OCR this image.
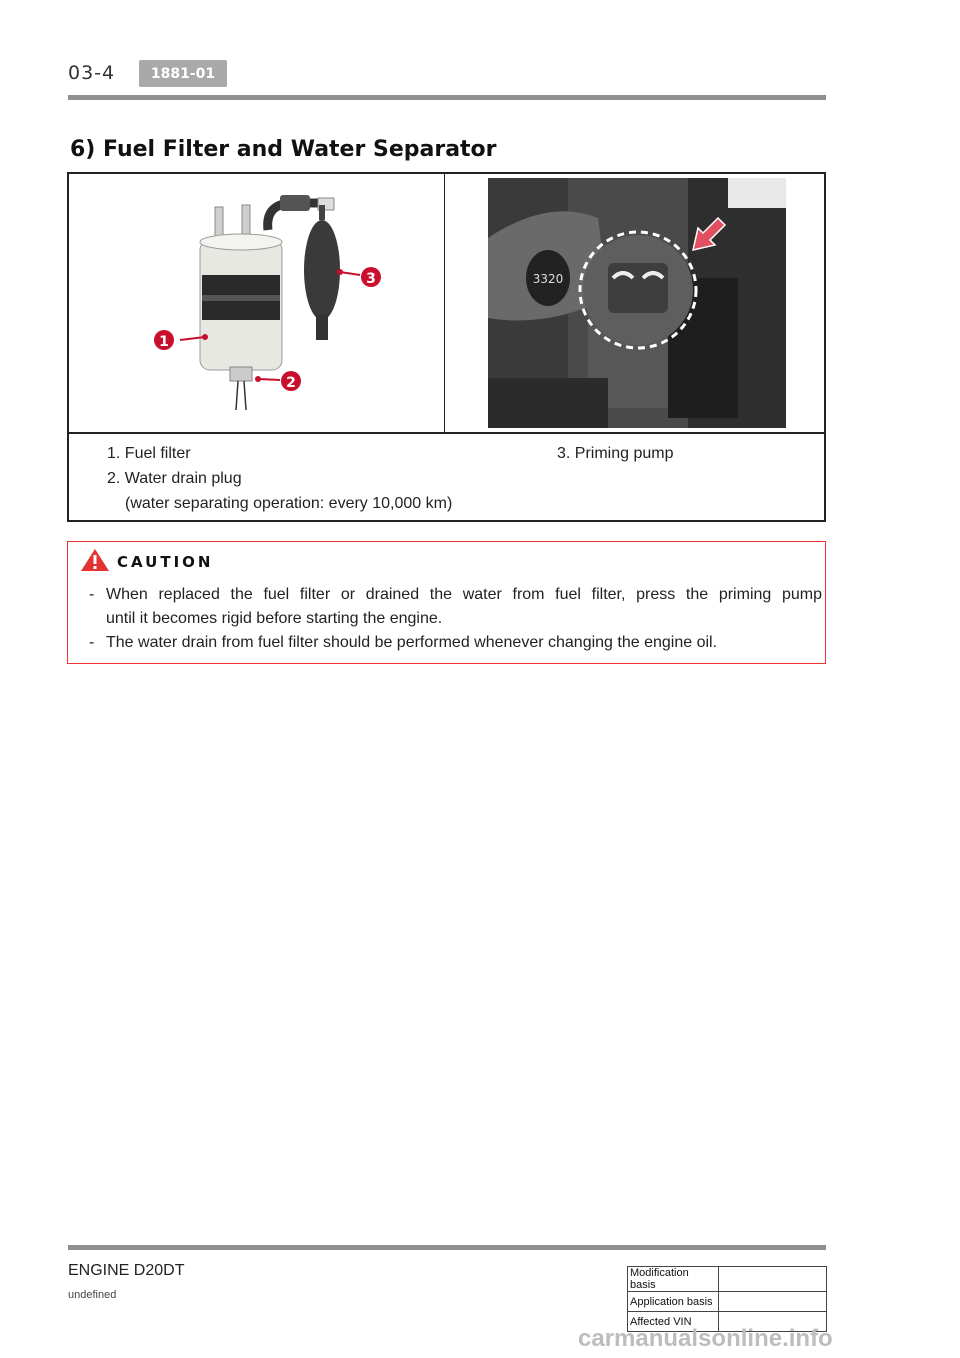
03-4	1881-01
6) Fuel Filter and Water Separator
1
2
3	3320
1. Fuel filter
2. Water drain plug
(water separating operation: every 10,000 km)
3. Priming pump
CAUTION
- When replaced the fuel filter or drained the water from fuel filter, press the priming pump
until it becomes rigid before starting the engine.
- The water drain from fuel filter should be performed whenever changing the engine oil.
ENGINE D20DT
undefined
Modification basis	
Application basis	
Affected VIN	
carmanualsonline.info
